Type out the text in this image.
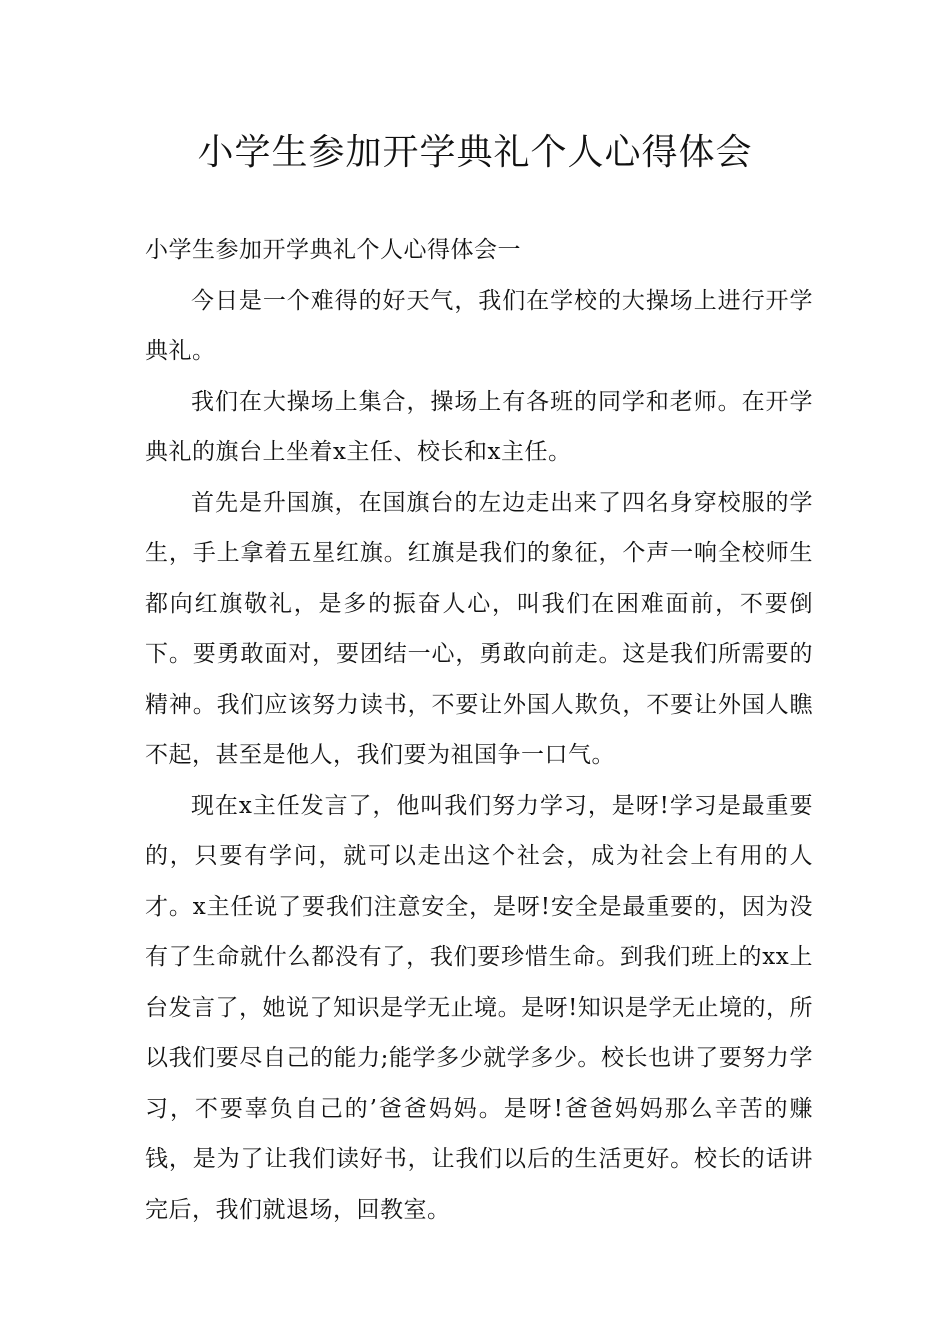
小学生参加开学典礼个人心得体会

小学生参加开学典礼个人心得体会一

今日是一个难得的好天气，我们在学校的大操场上进行开学典礼。

我们在大操场上集合，操场上有各班的同学和老师。在开学典礼的旗台上坐着x主任、校长和x主任。

首先是升国旗，在国旗台的左边走出来了四名身穿校服的学生，手上拿着五星红旗。红旗是我们的象征，个声一响全校师生都向红旗敬礼，是多的振奋人心，叫我们在困难面前，不要倒下。要勇敢面对，要团结一心，勇敢向前走。这是我们所需要的精神。我们应该努力读书，不要让外国人欺负，不要让外国人瞧不起，甚至是他人，我们要为祖国争一口气。

现在x主任发言了，他叫我们努力学习，是呀!学习是最重要的，只要有学问，就可以走出这个社会，成为社会上有用的人才。x主任说了要我们注意安全，是呀!安全是最重要的，因为没有了生命就什么都没有了，我们要珍惜生命。到我们班上的xx上台发言了，她说了知识是学无止境。是呀!知识是学无止境的，所以我们要尽自己的能力;能学多少就学多少。校长也讲了要努力学习，不要辜负自己的’爸爸妈妈。是呀!爸爸妈妈那么辛苦的赚钱，是为了让我们读好书，让我们以后的生活更好。校长的话讲完后，我们就退场，回教室。
